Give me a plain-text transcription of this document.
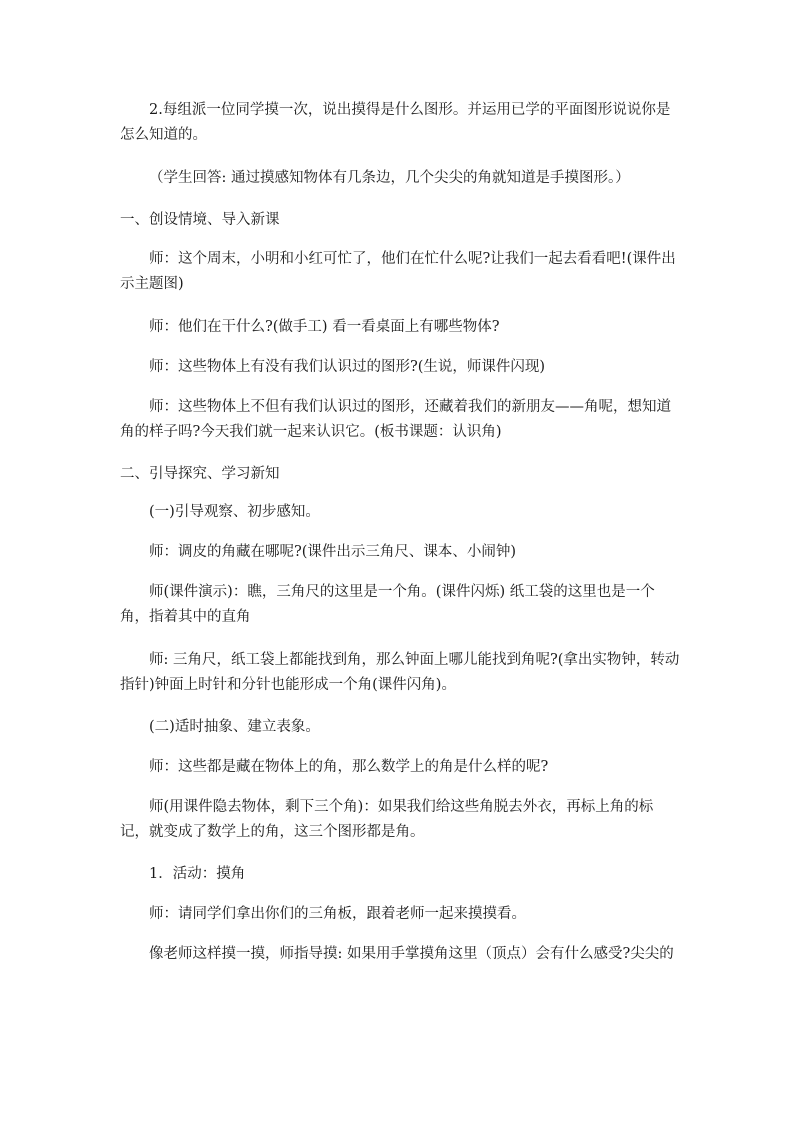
2.每组派一位同学摸一次，说出摸得是什么图形。并运用已学的平面图形说说你是怎么知道的。

（学生回答: 通过摸感知物体有几条边，几个尖尖的角就知道是手摸图形。）

一、创设情境、导入新课

师：这个周末，小明和小红可忙了，他们在忙什么呢?让我们一起去看看吧!(课件出示主题图)

师：他们在干什么?(做手工) 看一看桌面上有哪些物体?

师：这些物体上有没有我们认识过的图形?(生说，师课件闪现)

师：这些物体上不但有我们认识过的图形，还藏着我们的新朋友——角呢，想知道角的样子吗?今天我们就一起来认识它。(板书课题：认识角)

二、引导探究、学习新知

(一)引导观察、初步感知。

师：调皮的角藏在哪呢?(课件出示三角尺、课本、小闹钟)

师(课件演示)：瞧，三角尺的这里是一个角。(课件闪烁) 纸工袋的这里也是一个角，指着其中的直角

师: 三角尺，纸工袋上都能找到角，那么钟面上哪儿能找到角呢?(拿出实物钟，转动指针)钟面上时针和分针也能形成一个角(课件闪角)。

(二)适时抽象、建立表象。

师：这些都是藏在物体上的角，那么数学上的角是什么样的呢?

师(用课件隐去物体，剩下三个角)：如果我们给这些角脱去外衣，再标上角的标记，就变成了数学上的角，这三个图形都是角。

1．活动：摸角

师：请同学们拿出你们的三角板，跟着老师一起来摸摸看。

像老师这样摸一摸，师指导摸: 如果用手掌摸角这里（顶点）会有什么感受?尖尖的
